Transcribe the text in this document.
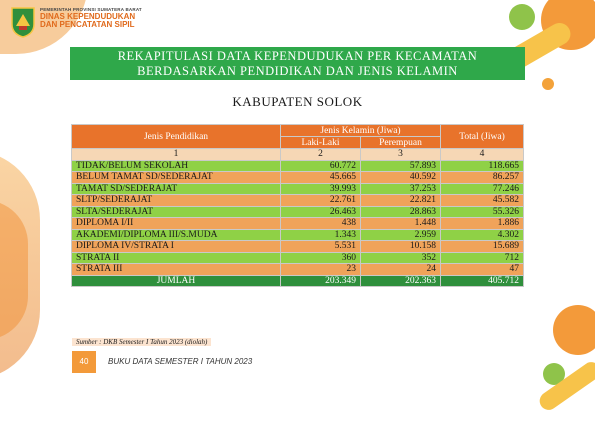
PEMERINTAH PROVINSI SUMATERA BARAT
DINAS KEPENDUDUKAN
DAN PENCATATAN SIPIL
REKAPITULASI DATA KEPENDUDUKAN PER KECAMATAN
BERDASARKAN PENDIDIKAN DAN JENIS KELAMIN
KABUPATEN SOLOK
Jenis Pendidikan	Jenis Kelamin (Jiwa)		Total (Jiwa)
	Laki-Laki	Perempuan	
1	2	3	4
TIDAK/BELUM SEKOLAH	60.772	57.893	118.665
BELUM TAMAT SD/SEDERAJAT	45.665	40.592	86.257
TAMAT SD/SEDERAJAT	39.993	37.253	77.246
SLTP/SEDERAJAT	22.761	22.821	45.582
SLTA/SEDERAJAT	26.463	28.863	55.326
DIPLOMA I/II	438	1.448	1.886
AKADEMI/DIPLOMA III/S.MUDA	1.343	2.959	4.302
DIPLOMA IV/STRATA I	5.531	10.158	15.689
STRATA II	360	352	712
STRATA III	23	24	47
JUMLAH	203.349	202.363	405.712
Sumber : DKB Semester I Tahun 2023 (diolah)
40	BUKU DATA SEMESTER I TAHUN 2023
